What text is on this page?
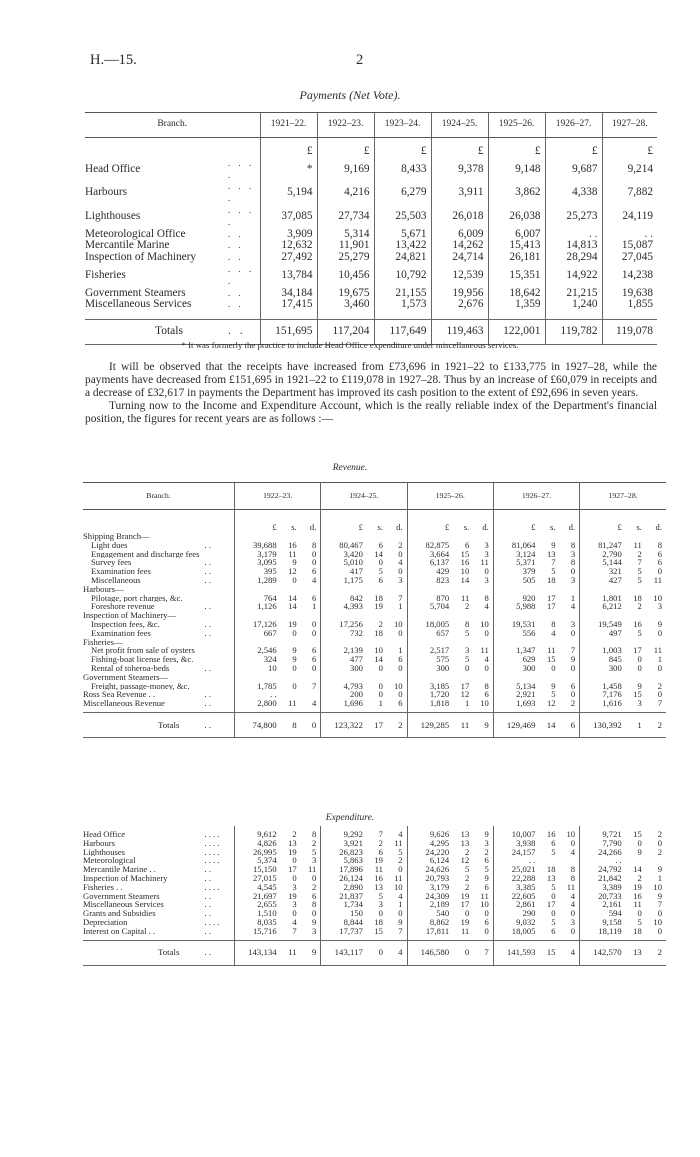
H.—15.	2
Payments (Net Vote).
Branch.		1921–22.	1922–23.	1923–24.	1924–25.	1925–26.	1926–27.	1927–28.
		£	£	£	£	£	£	£
Head Office	. . . .	*	9,169	8,433	9,378	9,148	9,687	9,214
Harbours	. . . .	5,194	4,216	6,279	3,911	3,862	4,338	7,882
Lighthouses	. . . .	37,085	27,734	25,503	26,018	26,038	25,273	24,119
Meteorological Office	. .	3,909	5,314	5,671	6,009	6,007	. .	. .
Mercantile Marine	. .	12,632	11,901	13,422	14,262	15,413	14,813	15,087
Inspection of Machinery	. .	27,492	25,279	24,821	24,714	26,181	28,294	27,045
Fisheries	. . . .	13,784	10,456	10,792	12,539	15,351	14,922	14,238
Government Steamers	. .	34,184	19,675	21,155	19,956	18,642	21,215	19,638
Miscellaneous Services	. .	17,415	3,460	1,573	2,676	1,359	1,240	1,855

Totals	. .	151,695	117,204	117,649	119,463	122,001	119,782	119,078
* It was formerly the practice to include Head Office expenditure under miscellaneous services.

It will be observed that the receipts have increased from £73,696 in 1921–22 to £133,775 in 1927–28, while the payments have decreased from £151,695 in 1921–22 to £119,078 in 1927–28. Thus by an increase of £60,079 in receipts and a decrease of £32,617 in payments the Department has improved its cash position to the extent of £92,696 in seven years.

Turning now to the Income and Expenditure Account, which is the really reliable index of the Department's financial position, the figures for recent years are as follows :—

Revenue.
Branch.		1922–23.			1924–25.			1925–26.			1926–27.			1927–28.		
		£	s.	d.	£	s.	d.	£	s.	d.	£	s.	d.	£	s.	d.
Shipping Branch—																
Light dues	. .	39,688	16	8	80,467	6	2	82,875	6	3	81,064	9	8	81,247	11	8
Engagement and discharge fees		3,179	11	0	3,420	14	0	3,664	15	3	3,124	13	3	2,790	2	6
Survey fees	. .	3,095	9	0	5,010	0	4	6,137	16	11	5,371	7	8	5,144	7	6
Examination fees	. .	395	12	6	417	5	0	429	10	0	379	5	0	321	5	0
Miscellaneous	. .	1,289	0	4	1,175	6	3	823	14	3	505	18	3	427	5	11
Harbours—																
Pilotage, port charges, &c.		764	14	6	842	18	7	870	11	8	920	17	1	1,801	18	10
Foreshore revenue	. .	1,126	14	1	4,393	19	1	5,704	2	4	5,988	17	4	6,212	2	3
Inspection of Machinery—																
Inspection fees, &c.	. .	17,126	19	0	17,256	2	10	18,005	8	10	19,531	8	3	19,549	16	9
Examination fees	. .	667	0	0	732	18	0	657	5	0	556	4	0	497	5	0
Fisheries—																
Net profit from sale of oysters		2,546	9	6	2,139	10	1	2,517	3	11	1,347	11	7	1,003	17	11
Fishing-boat license fees, &c.		324	9	6	477	14	6	575	5	4	629	15	9	845	0	1
Rental of toheroa-beds	. .	10	0	0	300	0	0	300	0	0	300	0	0	300	0	0
Government Steamers—																
Freight, passage-money, &c.		1,785	0	7	4,793	0	10	3,185	17	8	5,134	9	6	1,458	9	2
Ross Sea Revenue . .	. .	. .			200	0	0	1,720	12	6	2,921	5	0	7,176	15	0
Miscellaneous Revenue	. .	2,800	11	4	1,696	1	6	1,818	1	10	1,693	12	2	1,616	3	7

Totals	. .	74,800	8	0	123,322	17	2	129,285	11	9	129,469	14	6	130,392	1	2
Expenditure.

Head Office	. . . .	9,612	2	8	9,292	7	4	9,626	13	9	10,007	16	10	9,721	15	2
Harbours	. . . .	4,826	13	2	3,921	2	11	4,295	13	3	3,938	6	0	7,790	0	0
Lighthouses	. . . .	26,995	19	5	26,823	6	5	24,220	2	2	24,157	5	4	24,266	9	2
Meteorological	. . . .	5,374	0	3	5,863	19	2	6,124	12	6	. .			. .		
Mercantile Marine . .	. .	15,150	17	11	17,896	11	0	24,626	5	5	25,021	18	8	24,792	14	9
Inspection of Machinery	. .	27,015	0	0	26,124	16	11	20,793	2	9	22,288	13	8	21,842	2	1
Fisheries . .	. . . .	4,545	3	2	2,890	13	10	3,179	2	6	3,385	5	11	3,389	19	10
Government Steamers	. .	21,697	19	6	21,837	5	4	24,309	19	11	22,605	0	4	20,733	16	9
Miscellaneous Services	. .	2,655	3	8	1,734	3	1	2,189	17	10	2,861	17	4	2,161	11	7
Grants and Subsidies	. .	1,510	0	0	150	0	0	540	0	0	290	0	0	594	0	0
Depreciation	. . . .	8,035	4	9	8,844	18	9	8,862	19	6	9,032	5	3	9,158	5	10
Interest on Capital . .	. .	15,716	7	3	17,737	15	7	17,811	11	0	18,005	6	0	18,119	18	0

Totals	. .	143,134	11	9	143,117	0	4	146,580	0	7	141,593	15	4	142,570	13	2
